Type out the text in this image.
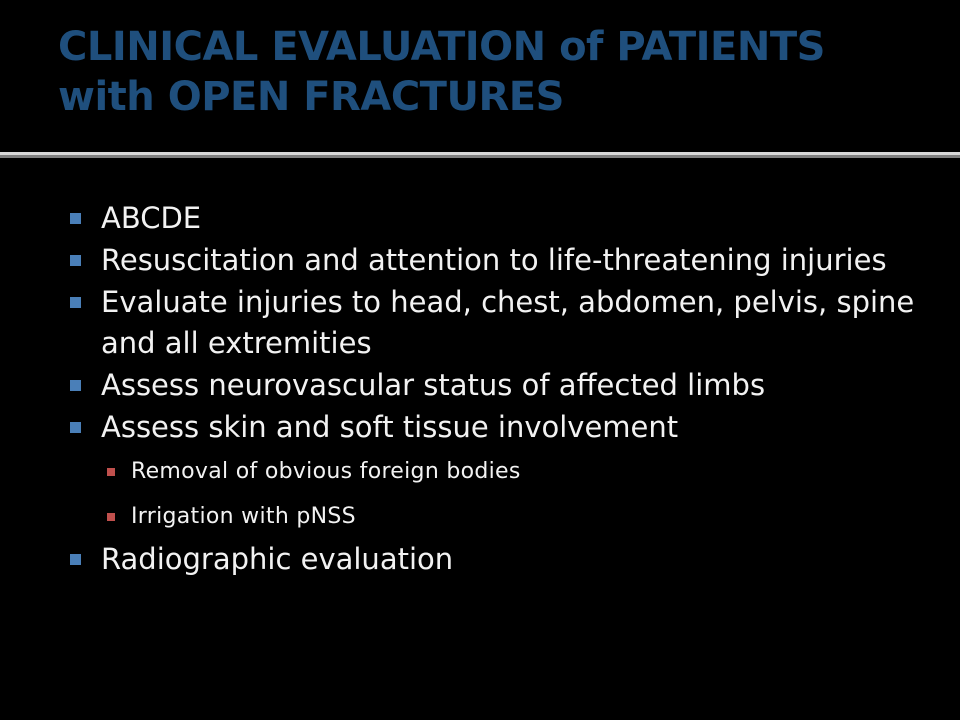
CLINICAL EVALUATION of PATIENTS
with OPEN FRACTURES
ABCDE
Resuscitation and attention to life-threatening injuries
Evaluate injuries to head, chest, abdomen, pelvis, spine and all extremities
Assess neurovascular status of affected limbs
Assess skin and soft tissue involvement
Removal of obvious foreign bodies
Irrigation with pNSS
Radiographic evaluation
